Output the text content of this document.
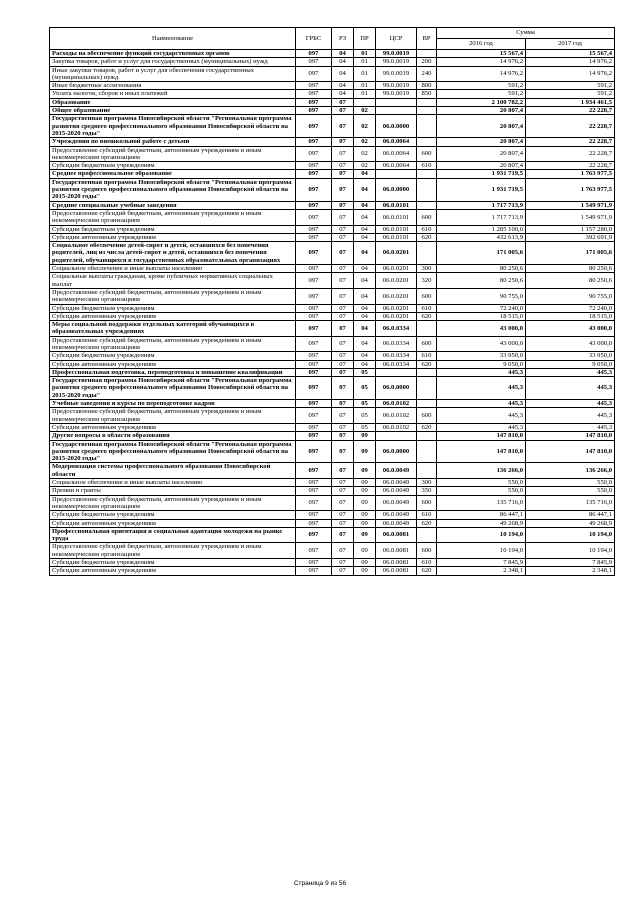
Наименование	ГРБС	РЗ	ПР	ЦСР	ВР	Сумма	
						2016 год	2017 год
Расходы на обеспечение функций государственных органов	097	04	01	99.0.0019		15 567,4	15 567,4
Закупка товаров, работ и услуг для государственных (муниципальных) нужд	097	04	01	99.0.0019	200	14 976,2	14 976,2
Иные закупки товаров, работ и услуг для обеспечения государственных (муниципальных) нужд	097	04	01	99.0.0019	240	14 976,2	14 976,2
Иные бюджетные ассигнования	097	04	01	99.0.0019	800	591,2	591,2
Уплата налогов, сборов и иных платежей	097	04	01	99.0.0019	850	591,2	591,2
Образование	097	07				2 100 782,2	1 934 461,5
Общее образование	097	07	02			20 807,4	22 228,7
Государственная программа Новосибирской области "Региональная программа развития среднего профессионального образования Новосибирской области на 2015-2020 годы"	097	07	02	06.0.0000		20 807,4	22 228,7
Учреждения по внешкольной работе с детьми	097	07	02	06.0.0064		20 807,4	22 228,7
Предоставление субсидий бюджетным, автономным учреждениям и иным некоммерческим организациям	097	07	02	06.0.0064	600	20 807,4	22 228,7
Субсидии бюджетным учреждениям	097	07	02	06.0.0064	610	20 807,4	22 228,7
Среднее профессиональное образование	097	07	04			1 931 719,5	1 763 977,5
Государственная программа Новосибирской области "Региональная программа развития среднего профессионального образования Новосибирской области на 2015-2020 годы"	097	07	04	06.0.0000		1 931 719,5	1 763 977,5
Средние специальные учебные заведения	097	07	04	06.0.0101		1 717 713,9	1 549 971,9
Предоставление субсидий бюджетным, автономным учреждениям и иным некоммерческим организациям	097	07	04	06.0.0101	600	1 717 713,9	1 549 971,9
Субсидии бюджетным учреждениям	097	07	04	06.0.0101	610	1 285 100,0	1 157 280,0
Субсидии автономным учреждениям	097	07	04	06.0.0101	620	432 613,9	392 691,9
Социальное обеспечение детей-сирот и детей, оставшихся без попечения родителей, лиц из числа детей-сирот и детей, оставшихся без попечения родителей, обучающихся в государственных образовательных организациях	097	07	04	06.0.0201		171 005,6	171 005,6
Социальное обеспечение и иные выплаты населению	097	07	04	06.0.0201	300	80 250,6	80 250,6
Социальные выплаты гражданам, кроме публичных нормативных социальных выплат	097	07	04	06.0.0201	320	80 250,6	80 250,6
Предоставление субсидий бюджетным, автономным учреждениям и иным некоммерческим организациям	097	07	04	06.0.0201	600	90 755,0	90 755,0
Субсидии бюджетным учреждениям	097	07	04	06.0.0201	610	72 240,0	72 240,0
Субсидии автономным учреждениям	097	07	04	06.0.0201	620	18 515,0	18 515,0
Меры социальной поддержки отдельных категорий обучающихся в образовательных учреждениях	097	07	04	06.0.0334		43 000,0	43 000,0
Предоставление субсидий бюджетным, автономным учреждениям и иным некоммерческим организациям	097	07	04	06.0.0334	600	43 000,0	43 000,0
Субсидии бюджетным учреждениям	097	07	04	06.0.0334	610	33 950,0	33 950,0
Субсидии автономным учреждениям	097	07	04	06.0.0334	620	9 050,0	9 050,0
Профессиональная подготовка, переподготовка и повышение квалификации	097	07	05			445,3	445,3
Государственная программа Новосибирской области "Региональная программа развития среднего профессионального образования Новосибирской области на 2015-2020 годы"	097	07	05	06.0.0000		445,3	445,3
Учебные заведения и курсы по переподготовке кадров	097	07	05	06.0.0102		445,3	445,3
Предоставление субсидий бюджетным, автономным учреждениям и иным некоммерческим организациям	097	07	05	06.0.0102	600	445,3	445,3
Субсидии автономным учреждениям	097	07	05	06.0.0102	620	445,3	445,3
Другие вопросы в области образования	097	07	09			147 810,0	147 810,0
Государственная программа Новосибирской области "Региональная программа развития среднего профессионального образования Новосибирской области на 2015-2020 годы"	097	07	09	06.0.0000		147 810,0	147 810,0
Модернизация системы профессионального образования Новосибирской области	097	07	09	06.0.0049		136 266,0	136 266,0
Социальное обеспечение и иные выплаты населению	097	07	09	06.0.0049	300	550,0	550,0
Премии и гранты	097	07	09	06.0.0049	350	550,0	550,0
Предоставление субсидий бюджетным, автономным учреждениям и иным некоммерческим организациям	097	07	09	06.0.0049	600	135 716,0	135 716,0
Субсидии бюджетным учреждениям	097	07	09	06.0.0049	610	86 447,1	86 447,1
Субсидии автономным учреждениям	097	07	09	06.0.0049	620	49 268,9	49 268,9
Профессиональная ориентация и социальная адаптация молодежи на рынке труда	097	07	09	06.0.0081		10 194,0	10 194,0
Предоставление субсидий бюджетным, автономным учреждениям и иным некоммерческим организациям	097	07	09	06.0.0081	600	10 194,0	10 194,0
Субсидии бюджетным учреждениям	097	07	09	06.0.0081	610	7 845,9	7 845,9
Субсидии автономным учреждениям	097	07	09	06.0.0081	620	2 348,1	2 348,1
Страница 9 из 56
